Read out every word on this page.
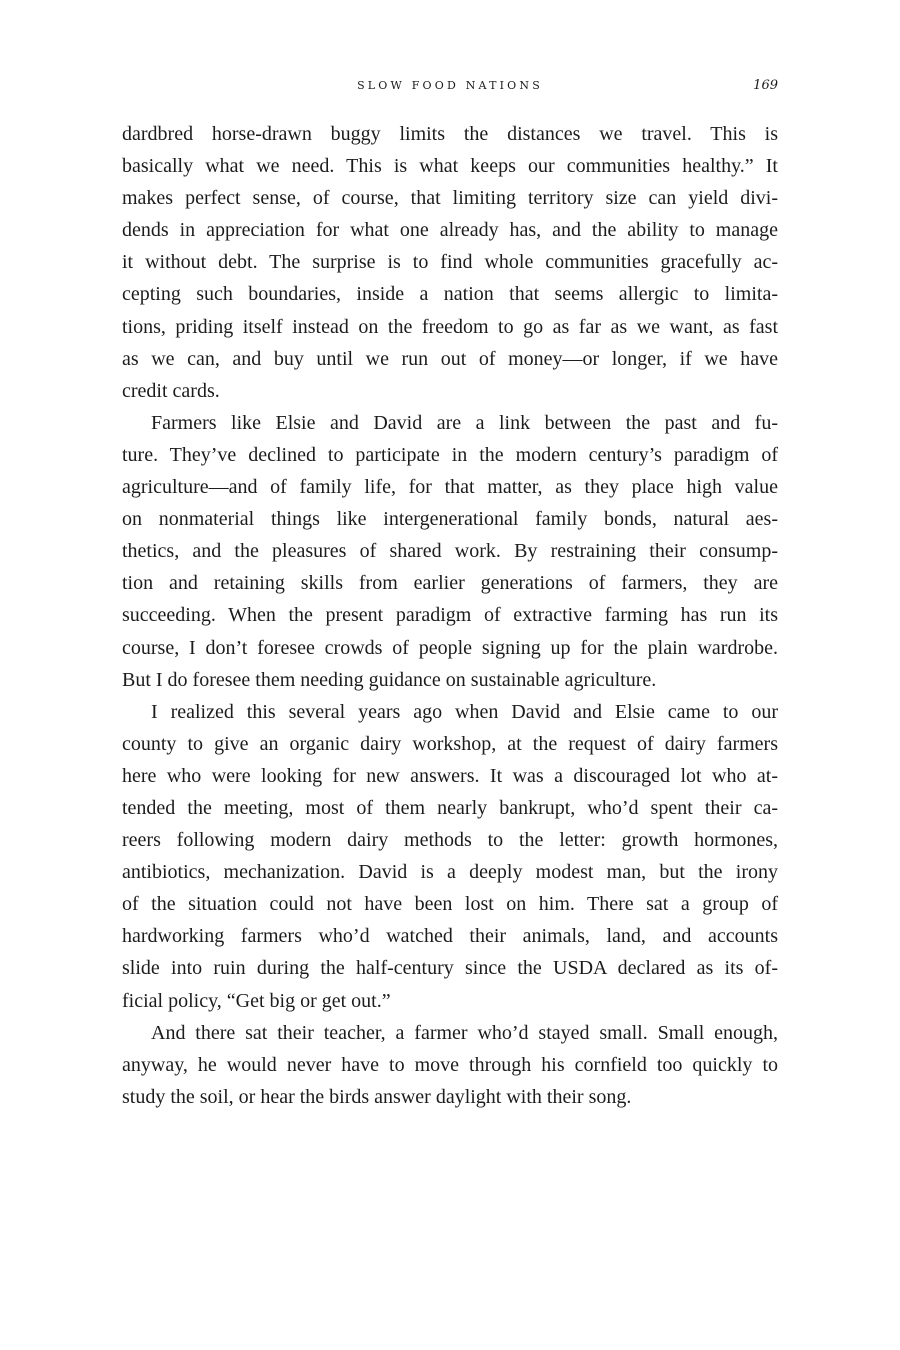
SLOW FOOD NATIONS	169
dardbred horse-drawn buggy limits the distances we travel. This is
basically what we need. This is what keeps our communities healthy.” It
makes perfect sense, of course, that limiting territory size can yield divi-
dends in appreciation for what one already has, and the ability to manage
it without debt. The surprise is to find whole communities gracefully ac-
cepting such boundaries, inside a nation that seems allergic to limita-
tions, priding itself instead on the freedom to go as far as we want, as fast
as we can, and buy until we run out of money—or longer, if we have
credit cards.
Farmers like Elsie and David are a link between the past and fu-
ture. They’ve declined to participate in the modern century’s paradigm of
agriculture—and of family life, for that matter, as they place high value
on nonmaterial things like intergenerational family bonds, natural aes-
thetics, and the pleasures of shared work. By restraining their consump-
tion and retaining skills from earlier generations of farmers, they are
succeeding. When the present paradigm of extractive farming has run its
course, I don’t foresee crowds of people signing up for the plain wardrobe.
But I do foresee them needing guidance on sustainable agriculture.
I realized this several years ago when David and Elsie came to our
county to give an organic dairy workshop, at the request of dairy farmers
here who were looking for new answers. It was a discouraged lot who at-
tended the meeting, most of them nearly bankrupt, who’d spent their ca-
reers following modern dairy methods to the letter: growth hormones,
antibiotics, mechanization. David is a deeply modest man, but the irony
of the situation could not have been lost on him. There sat a group of
hardworking farmers who’d watched their animals, land, and accounts
slide into ruin during the half-century since the USDA declared as its of-
ficial policy, “Get big or get out.”
And there sat their teacher, a farmer who’d stayed small. Small enough,
anyway, he would never have to move through his cornfield too quickly to
study the soil, or hear the birds answer daylight with their song.
